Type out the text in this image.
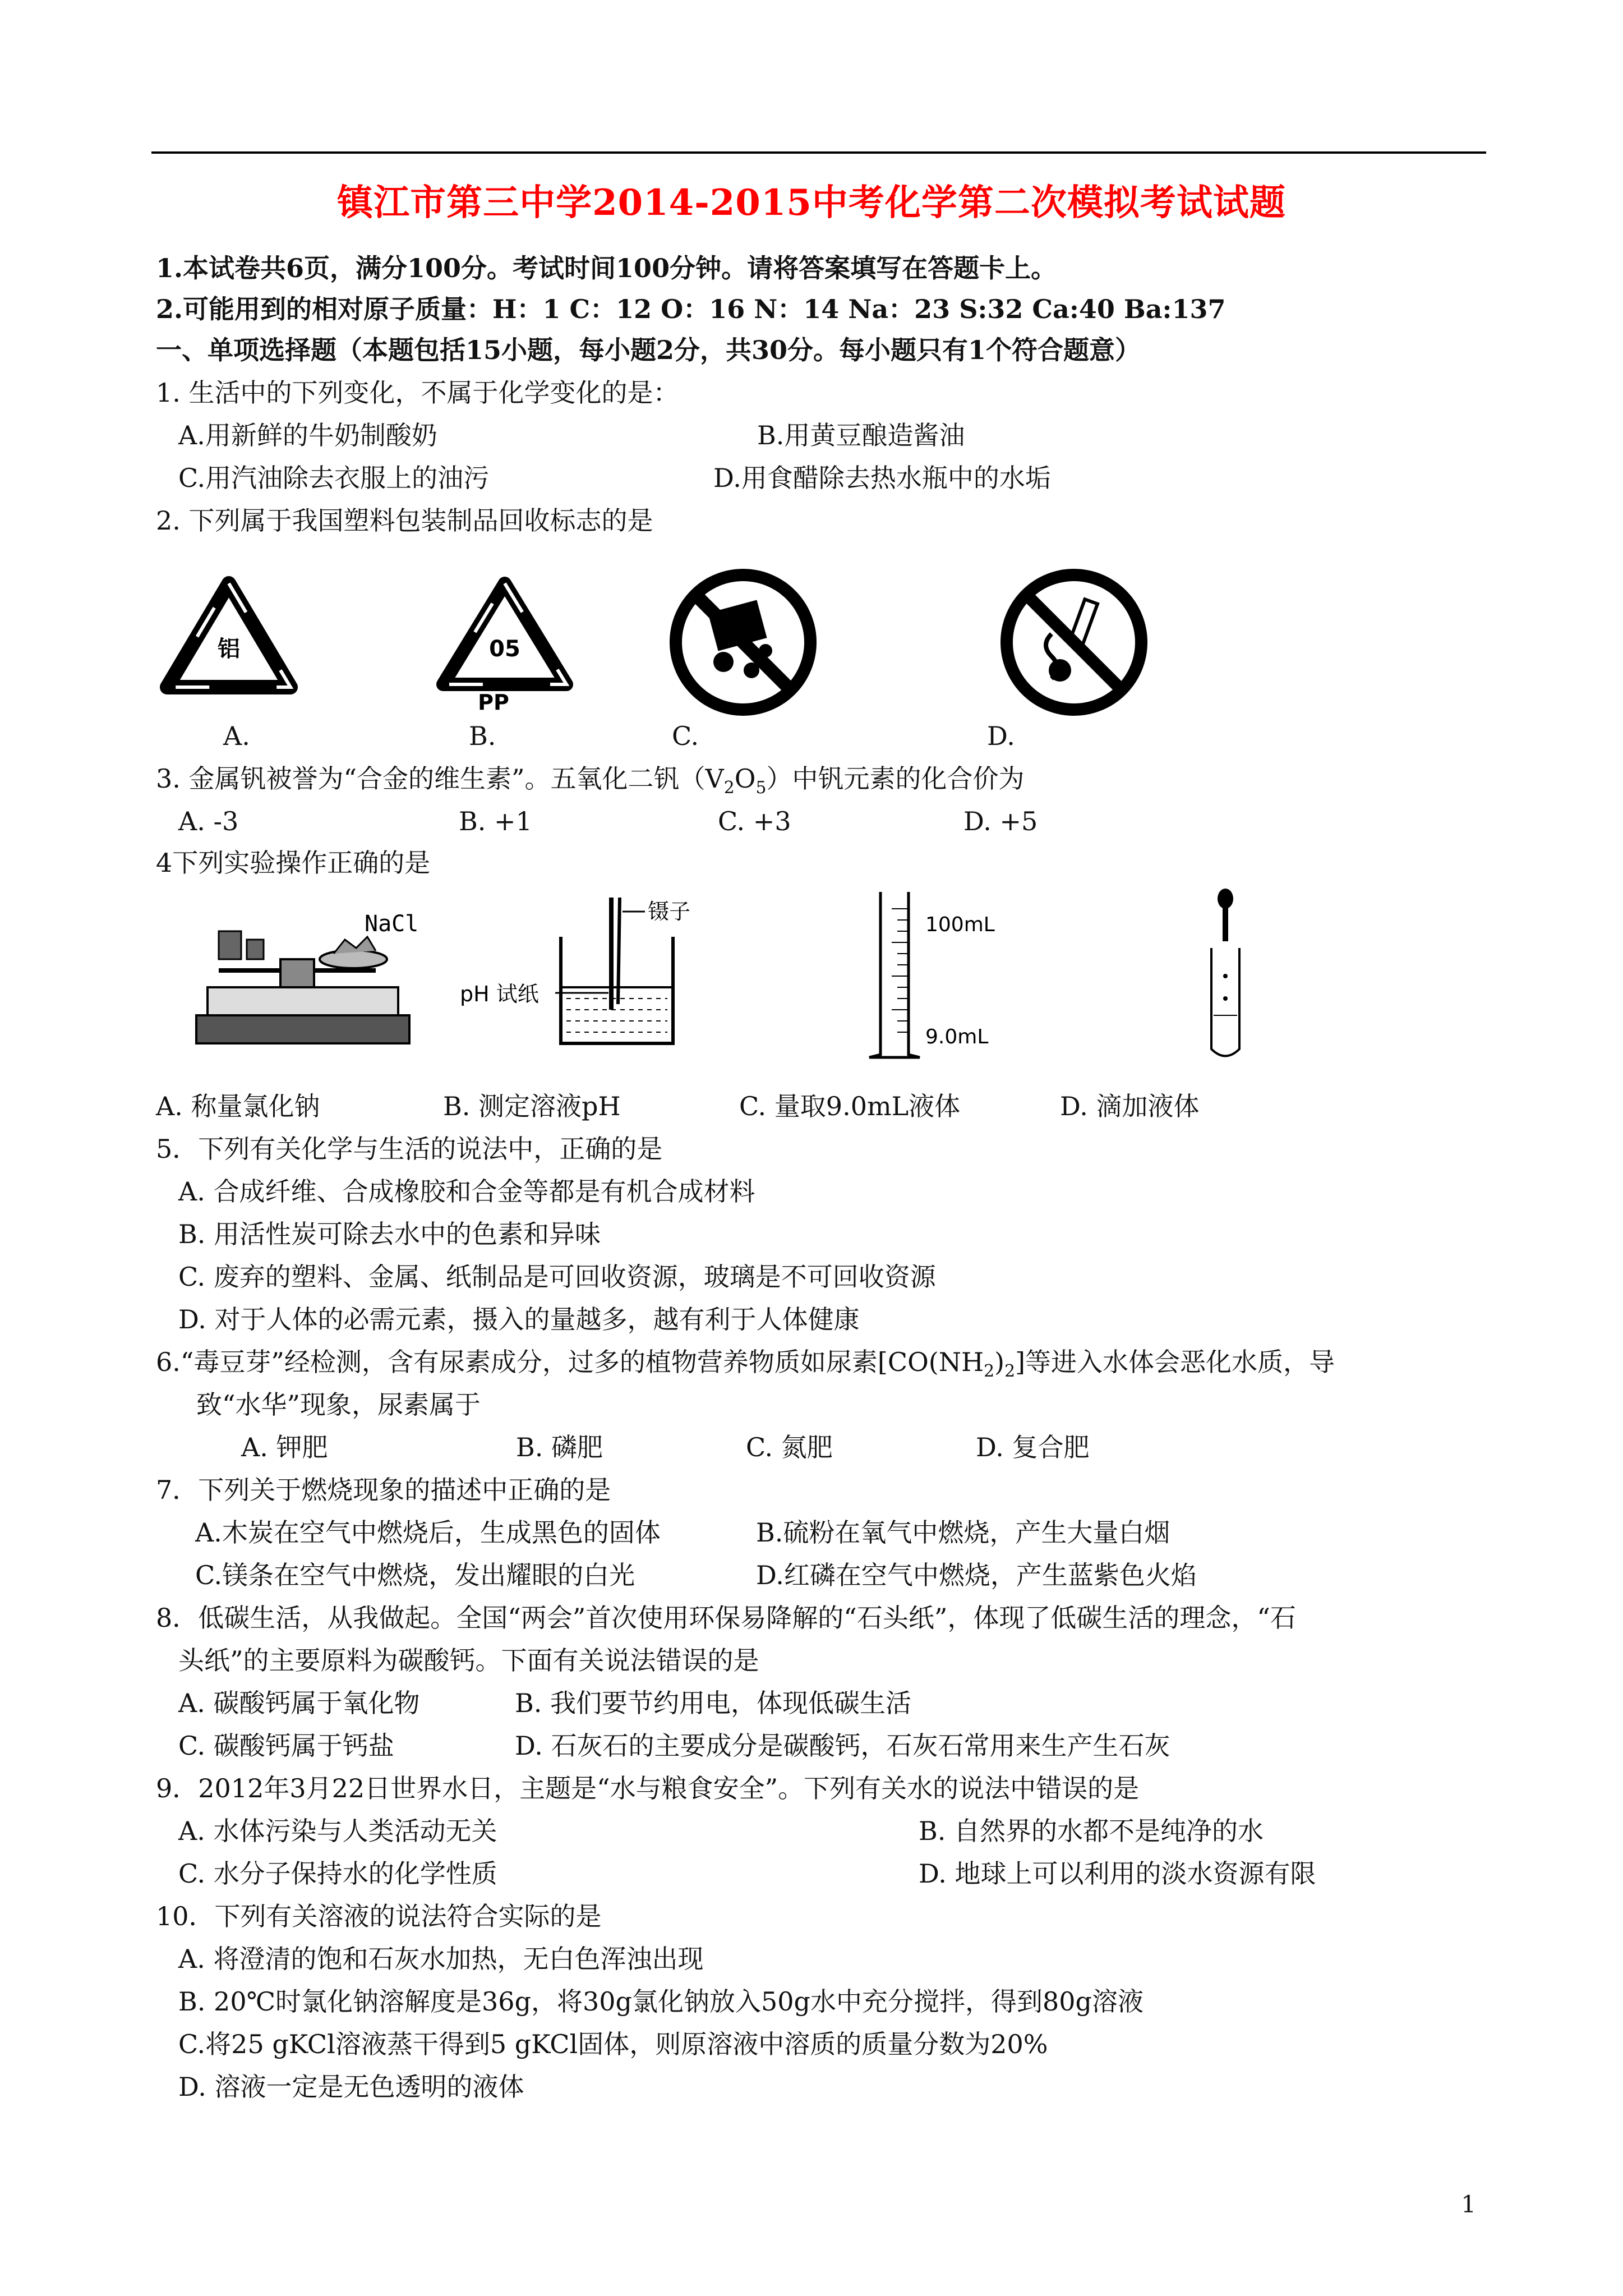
镇江市第三中学2014-2015中考化学第二次模拟考试试题
1.本试卷共6页，满分100分。考试时间100分钟。请将答案填写在答题卡上。
2.可能用到的相对原子质量：H：1 C：12 O：16 N：14 Na：23 S:32 Ca:40 Ba:137
一、单项选择题（本题包括15小题，每小题2分，共30分。每小题只有1个符合题意）
1. 生活中的下列变化，不属于化学变化的是：
A.用新鲜的牛奶制酸奶	B.用黄豆酿造酱油
C.用汽油除去衣服上的油污	D.用食醋除去热水瓶中的水垢
2. 下列属于我国塑料包装制品回收标志的是
铝	05
PP
A.	B.	C.	D.
3. 金属钒被誉为“合金的维生素”。五氧化二钒$(V_2O_5)$中钒元素的化合价为
A. -3	B. +1	C. +3	D. +5
4下列实验操作正确的是
NaCl	镊子
pH 试纸
100mL
9.0mL
A. 称量氯化钠	B. 测定溶液pH	C. 量取9.0mL液体	D. 滴加液体
5．下列有关化学与生活的说法中，正确的是
A. 合成纤维、合成橡胶和合金等都是有机合成材料
B. 用活性炭可除去水中的色素和异味
C. 废弃的塑料、金属、纸制品是可回收资源，玻璃是不可回收资源
D. 对于人体的必需元素，摄入的量越多，越有利于人体健康
6.“毒豆芽”经检测，含有尿素成分，过多的植物营养物质如尿素$[CO(NH_2)_2]$等进入水体会恶化水质，导
致“水华”现象，尿素属于
A. 钾肥	B. 磷肥	C. 氮肥	D. 复合肥
7．下列关于燃烧现象的描述中正确的是
A.木炭在空气中燃烧后，生成黑色的固体	B.硫粉在氧气中燃烧，产生大量白烟
C.镁条在空气中燃烧，发出耀眼的白光	D.红磷在空气中燃烧，产生蓝紫色火焰
8．低碳生活，从我做起。全国“两会”首次使用环保易降解的“石头纸”，体现了低碳生活的理念，“石
头纸”的主要原料为碳酸钙。下面有关说法错误的是
A. 碳酸钙属于氧化物	B. 我们要节约用电，体现低碳生活
C. 碳酸钙属于钙盐	D. 石灰石的主要成分是碳酸钙，石灰石常用来生产生石灰
9．2012年3月22日世界水日，主题是“水与粮食安全”。下列有关水的说法中错误的是
A. 水体污染与人类活动无关	B. 自然界的水都不是纯净的水
C. 水分子保持水的化学性质	D. 地球上可以利用的淡水资源有限
10．下列有关溶液的说法符合实际的是
A. 将澄清的饱和石灰水加热，无白色浑浊出现
B. 20℃时氯化钠溶解度是36g，将30g氯化钠放入50g水中充分搅拌，得到80g溶液
C.将25 gKCl溶液蒸干得到5 gKCl固体，则原溶液中溶质的质量分数为20%
D. 溶液一定是无色透明的液体
1
